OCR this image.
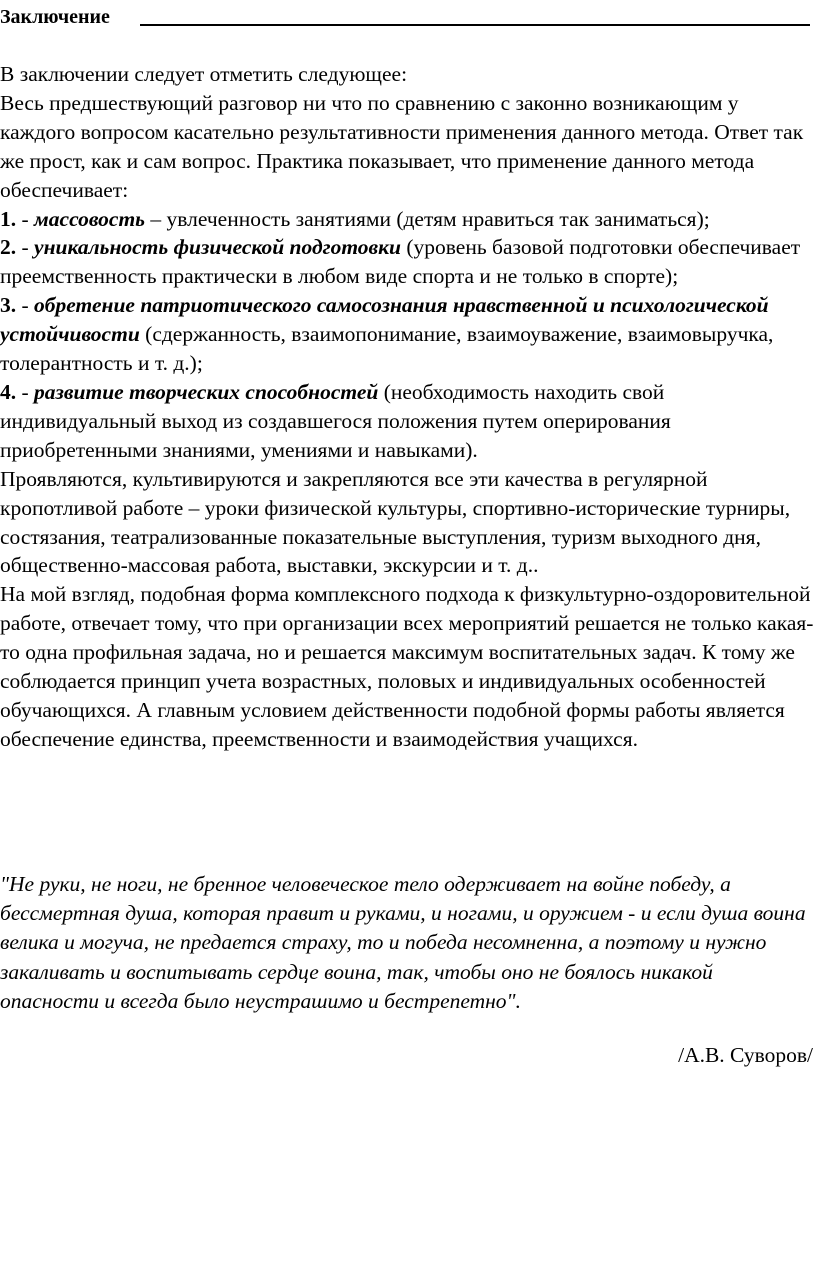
Заключение

В заключении следует отметить следующее:

Весь предшествующий разговор ни что по сравнению с законно возникающим у каждого вопросом касательно результативности применения данного метода. Ответ так же прост, как и сам вопрос. Практика показывает, что применение данного метода обеспечивает:

1. - массовость – увлеченность занятиями (детям нравиться так заниматься);

2. - уникальность физической подготовки (уровень базовой подготовки обеспечивает преемственность практически в любом виде спорта и не только в спорте);

3. - обретение патриотического самосознания нравственной и психологической устойчивости (сдержанность, взаимопонимание, взаимоуважение, взаимовыручка, толерантность и т. д.);

4. - развитие творческих способностей (необходимость находить свой индивидуальный выход из создавшегося положения путем оперирования приобретенными знаниями, умениями и навыками).

Проявляются, культивируются и закрепляются все эти качества в регулярной кропотливой работе – уроки физической культуры, спортивно-исторические турниры, состязания, театрализованные показательные выступления, туризм выходного дня, общественно-массовая работа, выставки, экскурсии и т. д..

На мой взгляд, подобная форма комплексного подхода к физкультурно-оздоровительной работе, отвечает тому, что при организации всех мероприятий решается не только какая-то одна профильная задача, но и решается максимум воспитательных задач. К тому же соблюдается принцип учета возрастных, половых и индивидуальных особенностей обучающихся. А главным условием действенности подобной формы работы является обеспечение единства, преемственности и взаимодействия учащихся.

"Не руки, не ноги, не бренное человеческое тело одерживает на войне победу, а бессмертная душа, которая правит и руками, и ногами, и оружием - и если душа воина велика и могуча, не предается страху, то и победа несомненна, а поэтому и нужно закаливать и воспитывать сердце воина, так, чтобы оно не боялось никакой опасности и всегда было неустрашимо и бестрепетно".

/А.В. Суворов/
